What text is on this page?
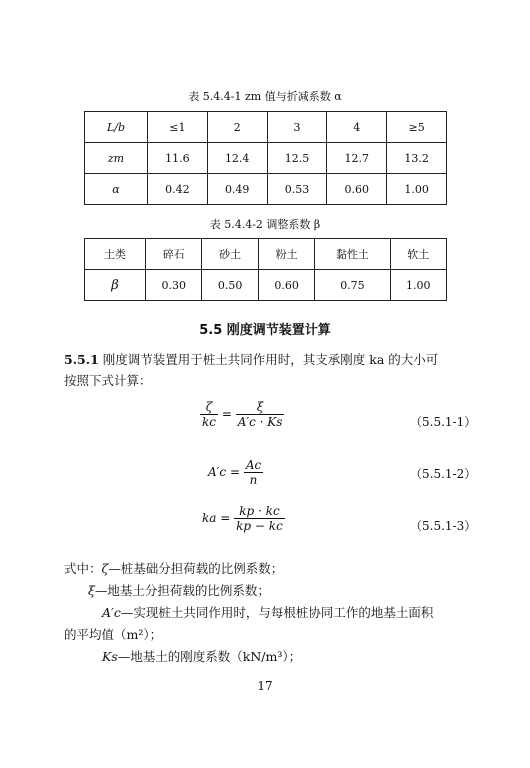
表 5.4.4-1 zm 值与折减系数 α
L/b	≤1	2	3	4	≥5
zm	11.6	12.4	12.5	12.7	13.2
α	0.42	0.49	0.53	0.60	1.00
表 5.4.4-2 调整系数 β
土类	碎石	砂土	粉土	黏性土	软土
β	0.30	0.50	0.60	0.75	1.00
5.5 刚度调节装置计算
5.5.1 刚度调节装置用于桩土共同作用时，其支承刚度 ka 的大小可
按照下式计算：
$\frac{\zeta}{kc} = \frac{\xi}{A'c \cdot Ks}$	（5.5.1-1）
$A'c = \frac{Ac}{n}$	（5.5.1-2）
ka = $\frac{kp \cdot kc}{kp - kc}$	（5.5.1-3）
式中：ζ—桩基础分担荷载的比例系数；
ξ—地基土分担荷载的比例系数；
A′c—实现桩土共同作用时，与每根桩协同工作的地基土面积
的平均值（m²）；
Ks—地基土的刚度系数（kN/m³）；
17
